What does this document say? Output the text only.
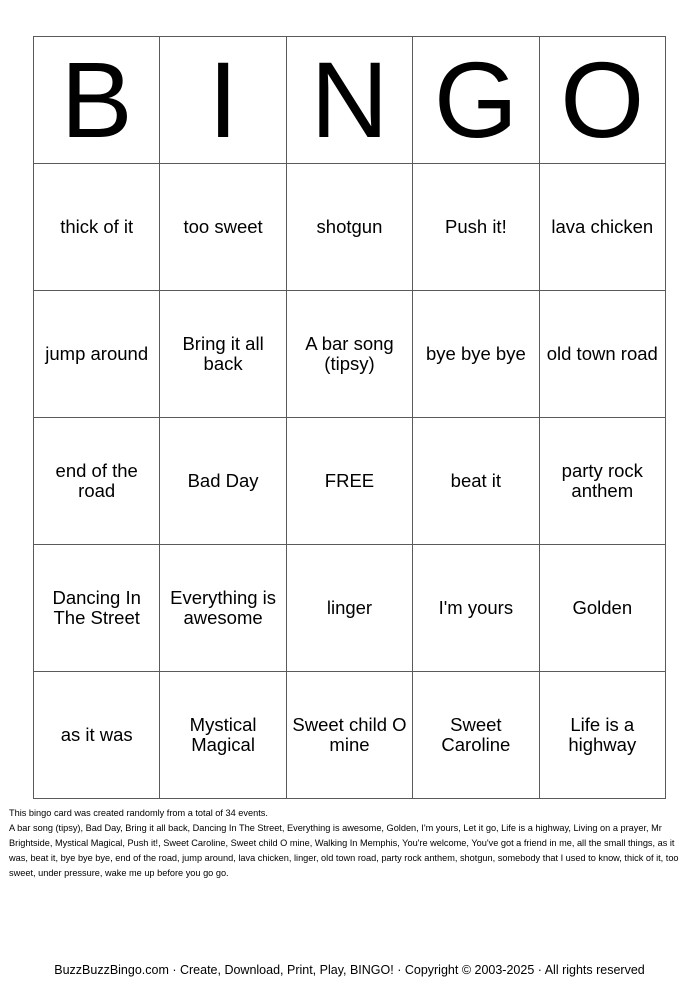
B	I	N	G	O
thick of it	too sweet	shotgun	Push it!	lava chicken
jump around	Bring it all back	A bar song (tipsy)	bye bye bye	old town road
end of the road	Bad Day	FREE	beat it	party rock anthem
Dancing In The Street	Everything is awesome	linger	I'm yours	Golden
as it was	Mystical Magical	Sweet child O mine	Sweet Caroline	Life is a highway

This bingo card was created randomly from a total of 34 events.

A bar song (tipsy), Bad Day, Bring it all back, Dancing In The Street, Everything is awesome, Golden, I'm yours, Let it go, Life is a highway, Living on a prayer, Mr Brightside, Mystical Magical, Push it!, Sweet Caroline, Sweet child O mine, Walking In Memphis, You're welcome, You've got a friend in me, all the small things, as it was, beat it, bye bye bye, end of the road, jump around, lava chicken, linger, old town road, party rock anthem, shotgun, somebody that I used to know, thick of it, too sweet, under pressure, wake me up before you go go.

BuzzBuzzBingo.com · Create, Download, Print, Play, BINGO! · Copyright © 2003-2025 · All rights reserved
